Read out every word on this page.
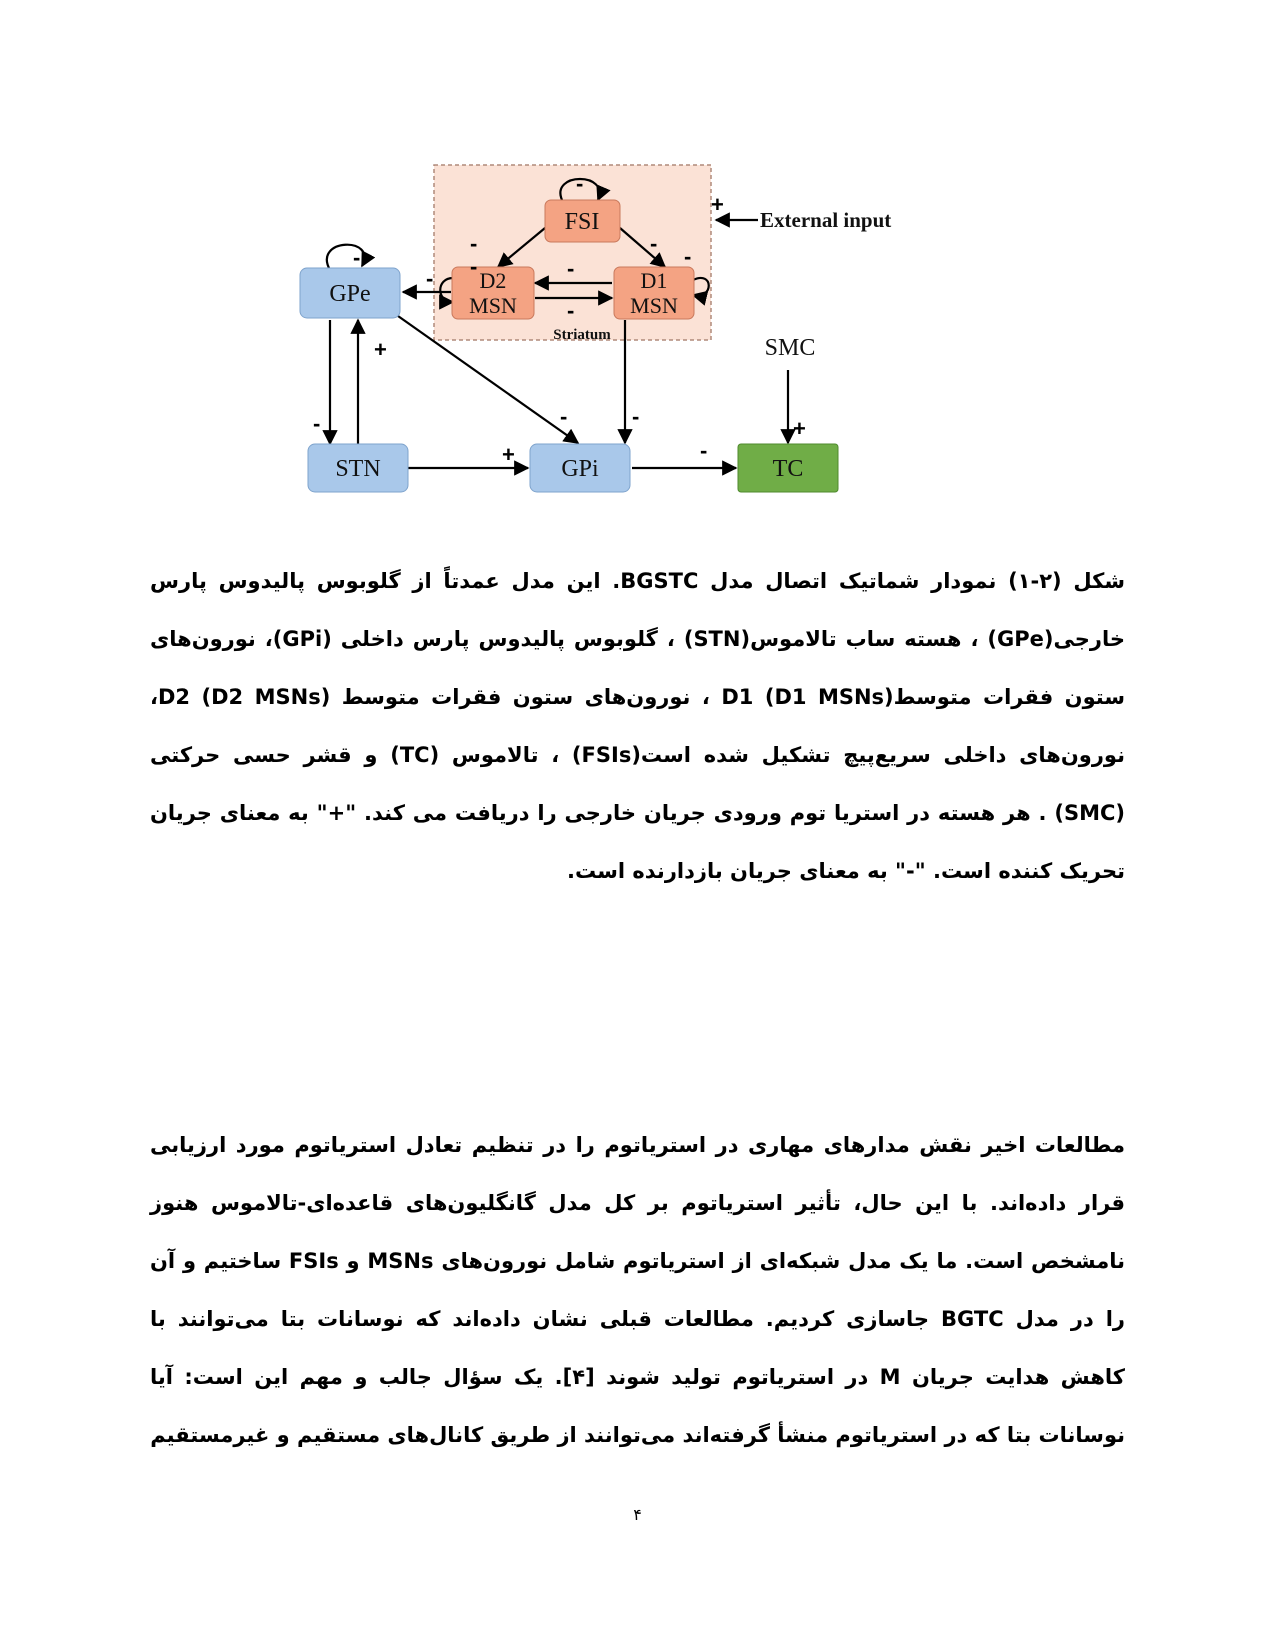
Striatum
FSI
D2
MSN
D1
MSN
GPe
STN	GPi	TC
SMC
External input
-
-
+
-	-
-	-
-
-
-
+
-	-	-
+	-
+

شکل (۲-۱) نمودار شماتیک اتصال مدل BGSTC. این مدل عمدتاً از گلوبوس پالیدوس پارس خارجی(GPe) ، هسته ساب تالاموس(STN) ، گلوبوس پالیدوس پارس داخلی (GPi)، نورون‌های ستون فقرات متوسط(D1 MSNs) D1 ، نورون‌های ستون فقرات متوسط D2 (D2 MSNs)، نورون‌های داخلی سریع‌پیچ تشکیل شده است(FSIs) ، تالاموس (TC) و قشر حسی حرکتی (SMC) . هر هسته در استریا توم ورودی جریان خارجی را دریافت می کند. "+" به معنای جریان تحریک کننده است. "-" به معنای جریان بازدارنده است.

مطالعات اخیر نقش مدارهای مهاری در استریاتوم را در تنظیم تعادل استریاتوم مورد ارزیابی قرار داده‌اند. با این حال، تأثیر استریاتوم بر کل مدل گانگلیون‌های قاعده‌ای-تالاموس هنوز نامشخص است. ما یک مدل شبکه‌ای از استریاتوم شامل نورون‌های MSNs و FSIs ساختیم و آن را در مدل BGTC جاسازی کردیم. مطالعات قبلی نشان داده‌اند که نوسانات بتا می‌توانند با کاهش هدایت جریان M در استریاتوم تولید شوند [۴]. یک سؤال جالب و مهم این است: آیا نوسانات بتا که در استریاتوم منشأ گرفته‌اند می‌توانند از طریق کانال‌های مستقیم و غیرمستقیم

۴
